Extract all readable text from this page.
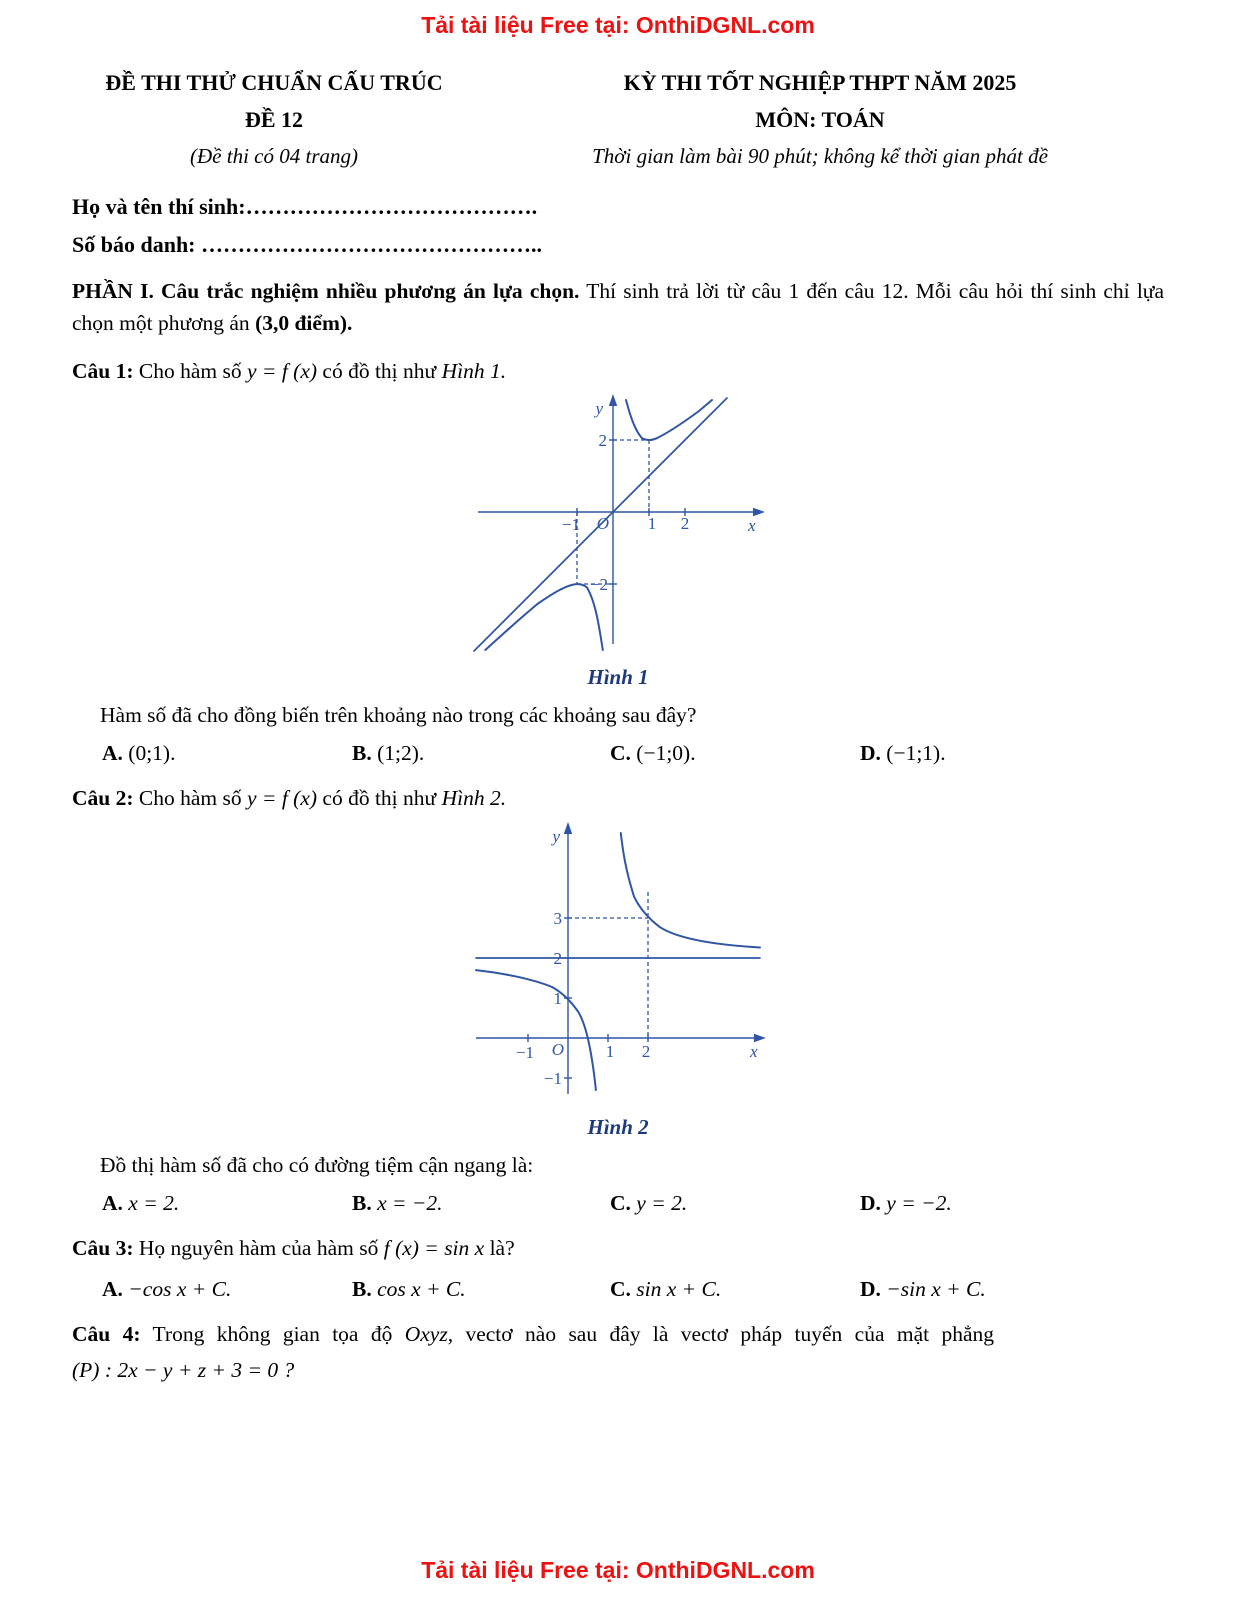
Tải tài liệu Free tại: OnthiDGNL.com
ĐỀ THI THỬ CHUẨN CẤU TRÚC
ĐỀ 12
(Đề thi có 04 trang)
KỲ THI TỐT NGHIỆP THPT NĂM 2025
MÔN: TOÁN
Thời gian làm bài 90 phút; không kể thời gian phát đề
Họ và tên thí sinh:………………………………….
Số báo danh: ………………………………………..

PHẦN I. Câu trắc nghiệm nhiều phương án lựa chọn. Thí sinh trả lời từ câu 1 đến câu 12. Mỗi câu hỏi thí sinh chỉ lựa chọn một phương án (3,0 điểm).

Câu 1: Cho hàm số y = f (x) có đồ thị như Hình 1.

y
x
O
−1	1 2
2
−2
Hình 1

Hàm số đã cho đồng biến trên khoảng nào trong các khoảng sau đây?

A. (0;1).	B. (1;2).	C. (−1;0).	D. (−1;1).

Câu 2: Cho hàm số y = f (x) có đồ thị như Hình 2.

y
x
O
−1	1 2
3
2
1
−1
Hình 2

Đồ thị hàm số đã cho có đường tiệm cận ngang là:

A. x = 2.	B. x = −2.	C. y = 2.	D. y = −2.

Câu 3: Họ nguyên hàm của hàm số f (x) = sin x là?

A. −cos x + C.	B. cos x + C.	C. sin x + C.	D. −sin x + C.

Câu 4: Trong không gian tọa độ Oxyz, vectơ nào sau đây là vectơ pháp tuyến của mặt phẳng

(P) : 2x − y + z + 3 = 0 ?

Tải tài liệu Free tại: OnthiDGNL.com
